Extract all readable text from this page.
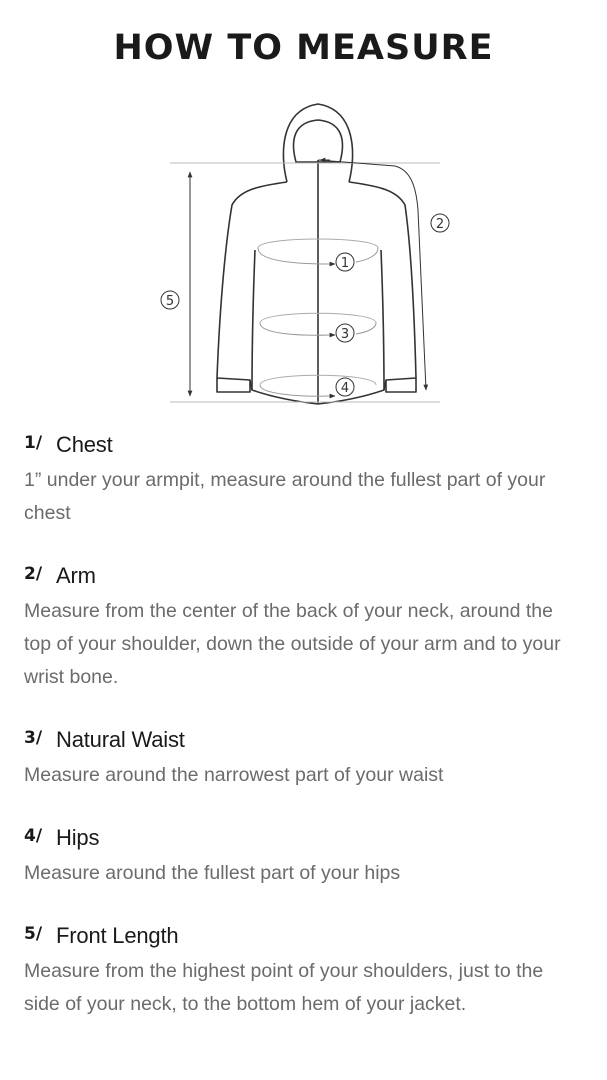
HOW TO MEASURE
1
2
3
4
5
1/ Chest

1” under your armpit, measure around the fullest part of your chest

2/ Arm

Measure from the center of the back of your neck, around the top of your shoulder, down the outside of your arm and to your wrist bone.

3/ Natural Waist

Measure around the narrowest part of your waist

4/ Hips

Measure around the fullest part of your hips

5/ Front Length

Measure from the highest point of your shoulders, just to the side of your neck, to the bottom hem of your jacket.
